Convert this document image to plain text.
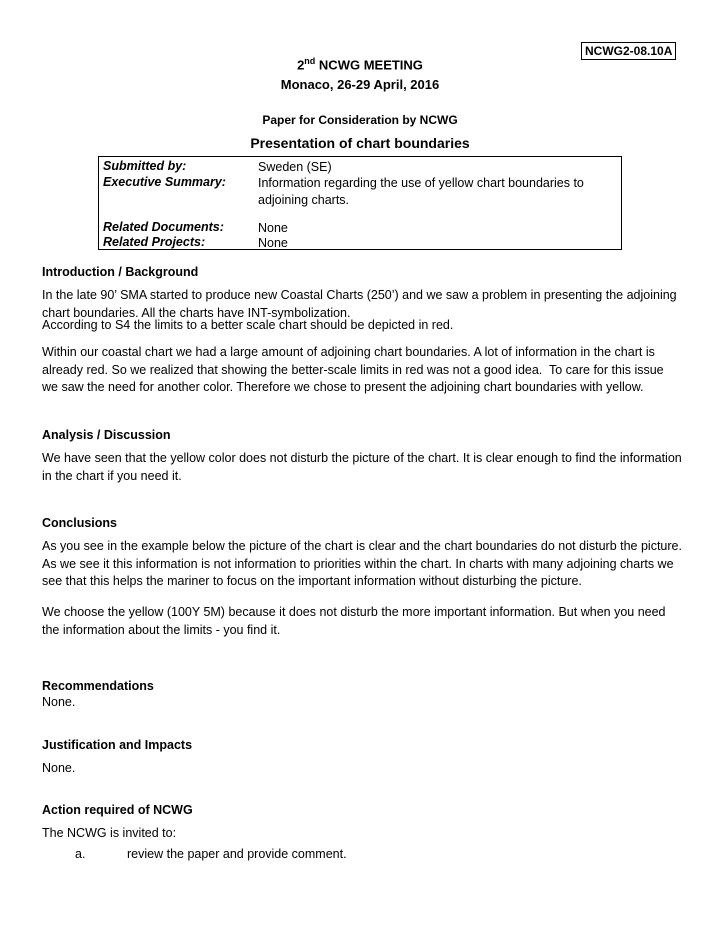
NCWG2-08.10A
2nd NCWG MEETING
Monaco, 26-29 April, 2016
Paper for Consideration by NCWG
Presentation of chart boundaries
Submitted by:	Sweden (SE)
Executive Summary:	Information regarding the use of yellow chart boundaries to adjoining charts.
Related Documents:	None
Related Projects:	None
Introduction / Background
In the late 90’ SMA started to produce new Coastal Charts (250’) and we saw a problem in presenting the adjoining chart boundaries. All the charts have INT-symbolization.
According to S4 the limits to a better scale chart should be depicted in red.
Within our coastal chart we had a large amount of adjoining chart boundaries. A lot of information in the chart is already red. So we realized that showing the better-scale limits in red was not a good idea.  To care for this issue we saw the need for another color. Therefore we chose to present the adjoining chart boundaries with yellow.
Analysis / Discussion
We have seen that the yellow color does not disturb the picture of the chart. It is clear enough to find the information in the chart if you need it.
Conclusions
As you see in the example below the picture of the chart is clear and the chart boundaries do not disturb the picture. As we see it this information is not information to priorities within the chart. In charts with many adjoining charts we see that this helps the mariner to focus on the important information without disturbing the picture.
We choose the yellow (100Y 5M) because it does not disturb the more important information. But when you need the information about the limits - you find it.
Recommendations
None.
Justification and Impacts
None.
Action required of NCWG
The NCWG is invited to:
a.	review the paper and provide comment.
